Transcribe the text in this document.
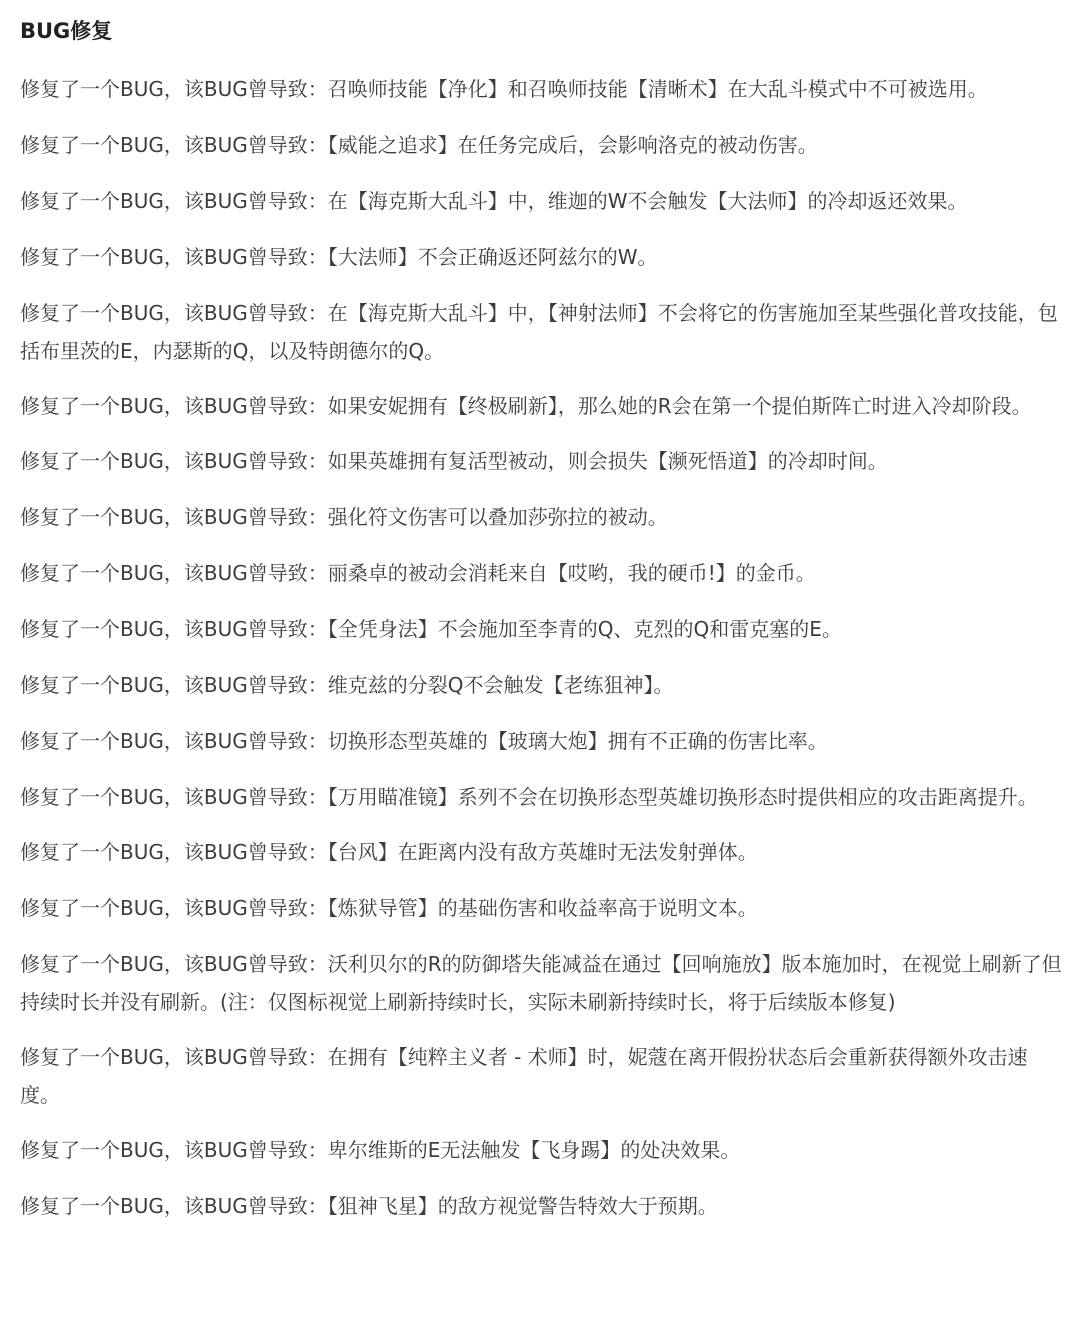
BUG修复

修复了一个BUG，该BUG曾导致：召唤师技能【净化】和召唤师技能【清晰术】在大乱斗模式中不可被选用。

修复了一个BUG，该BUG曾导致：【威能之追求】在任务完成后，会影响洛克的被动伤害。

修复了一个BUG，该BUG曾导致：在【海克斯大乱斗】中，维迦的W不会触发【大法师】的冷却返还效果。

修复了一个BUG，该BUG曾导致：【大法师】不会正确返还阿兹尔的W。

修复了一个BUG，该BUG曾导致：在【海克斯大乱斗】中，【神射法师】不会将它的伤害施加至某些强化普攻技能，包括布里茨的E，内瑟斯的Q，以及特朗德尔的Q。

修复了一个BUG，该BUG曾导致：如果安妮拥有【终极刷新】，那么她的R会在第一个提伯斯阵亡时进入冷却阶段。

修复了一个BUG，该BUG曾导致：如果英雄拥有复活型被动，则会损失【濒死悟道】的冷却时间。

修复了一个BUG，该BUG曾导致：强化符文伤害可以叠加莎弥拉的被动。

修复了一个BUG，该BUG曾导致：丽桑卓的被动会消耗来自【哎哟，我的硬币!】的金币。

修复了一个BUG，该BUG曾导致：【全凭身法】不会施加至李青的Q、克烈的Q和雷克塞的E。

修复了一个BUG，该BUG曾导致：维克兹的分裂Q不会触发【老练狙神】。

修复了一个BUG，该BUG曾导致：切换形态型英雄的【玻璃大炮】拥有不正确的伤害比率。

修复了一个BUG，该BUG曾导致：【万用瞄准镜】系列不会在切换形态型英雄切换形态时提供相应的攻击距离提升。

修复了一个BUG，该BUG曾导致：【台风】在距离内没有敌方英雄时无法发射弹体。

修复了一个BUG，该BUG曾导致：【炼狱导管】的基础伤害和收益率高于说明文本。

修复了一个BUG，该BUG曾导致：沃利贝尔的R的防御塔失能减益在通过【回响施放】版本施加时，在视觉上刷新了但持续时长并没有刷新。(注：仅图标视觉上刷新持续时长，实际未刷新持续时长，将于后续版本修复)

修复了一个BUG，该BUG曾导致：在拥有【纯粹主义者 - 术师】时，妮蔻在离开假扮状态后会重新获得额外攻击速度。

修复了一个BUG，该BUG曾导致：卑尔维斯的E无法触发【飞身踢】的处决效果。

修复了一个BUG，该BUG曾导致：【狙神飞星】的敌方视觉警告特效大于预期。
